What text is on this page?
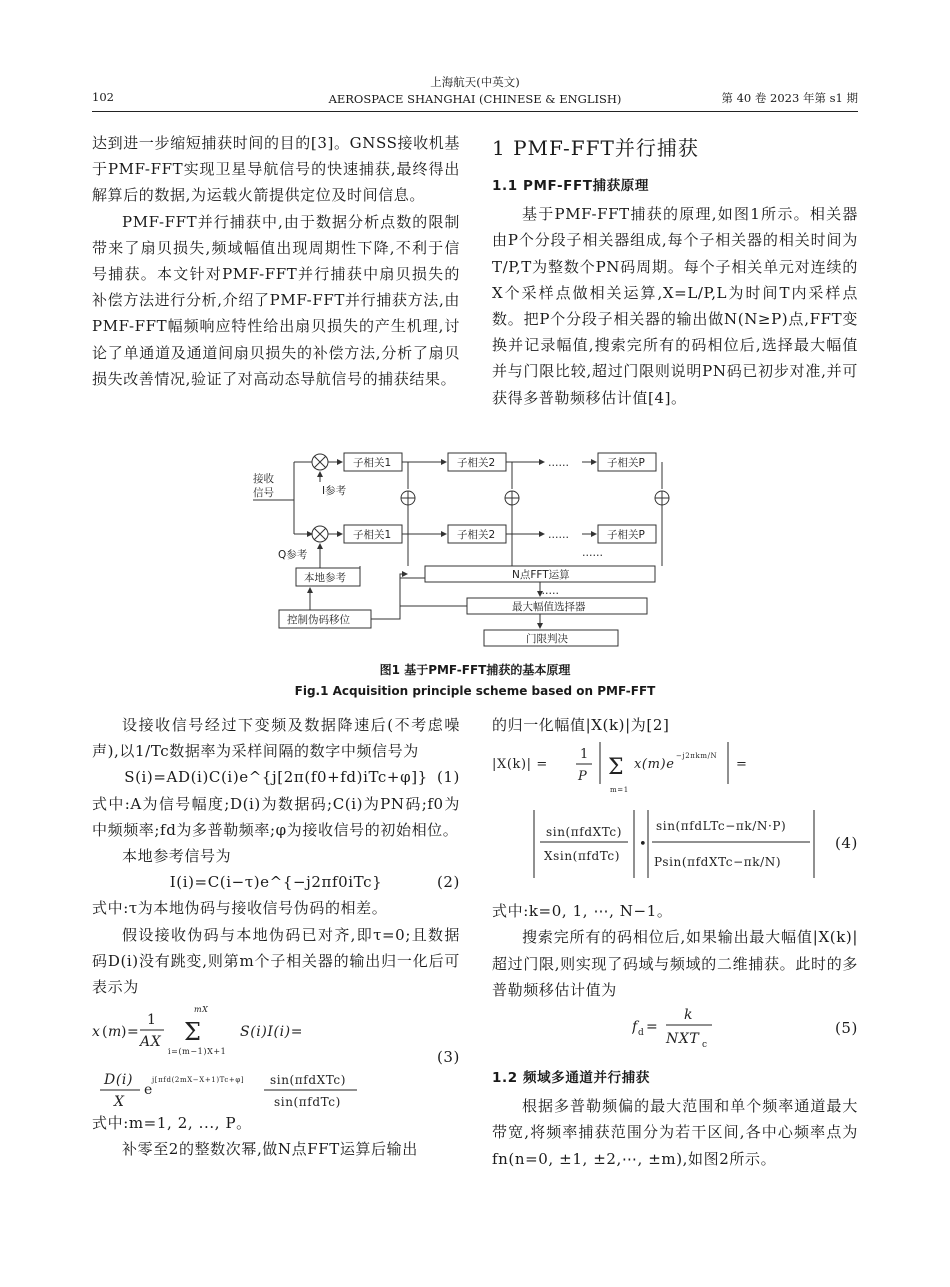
102
上海航天(中英文)
AEROSPACE SHANGHAI (CHINESE & ENGLISH)	第 40 卷 2023 年第 s1 期

达到进一步缩短捕获时间的目的[3]。GNSS接收机基于PMF-FFT实现卫星导航信号的快速捕获,最终得出解算后的数据,为运载火箭提供定位及时间信息。

PMF-FFT并行捕获中,由于数据分析点数的限制带来了扇贝损失,频域幅值出现周期性下降,不利于信号捕获。本文针对PMF-FFT并行捕获中扇贝损失的补偿方法进行分析,介绍了PMF-FFT并行捕获方法,由PMF-FFT幅频响应特性给出扇贝损失的产生机理,讨论了单通道及通道间扇贝损失的补偿方法,分析了扇贝损失改善情况,验证了对高动态导航信号的捕获结果。

1 PMF-FFT并行捕获

1.1 PMF-FFT捕获原理

基于PMF-FFT捕获的原理,如图1所示。相关器由P个分段子相关器组成,每个子相关器的相关时间为T/P,T为整数个PN码周期。每个子相关单元对连续的X个采样点做相关运算,X=L/P,L为时间T内采样点数。把P个分段子相关器的输出做N(N≥P)点,FFT变换并记录幅值,搜索完所有的码相位后,选择最大幅值并与门限比较,超过门限则说明PN码已初步对准,并可获得多普勒频移估计值[4]。

接收
信号	I参考
Q参考
子相关1	子相关2	……	子相关P
子相关1	子相关2	……	子相关P
……
本地参考	N点FFT运算
……
最大幅值选择器
门限判决
控制伪码移位
图1 基于PMF-FFT捕获的基本原理
Fig.1 Acquisition principle scheme based on PMF-FFT

设接收信号经过下变频及数据降速后(不考虑噪声),以1/Tc数据率为采样间隔的数字中频信号为

S(i)=AD(i)C(i)e^{j[2π(f0+fd)iTc+φ]} (1)

式中:A为信号幅度;D(i)为数据码;C(i)为PN码;f0为中频频率;fd为多普勒频率;φ为接收信号的初始相位。

本地参考信号为

I(i)=C(i−τ)e^{−j2πf0iTc}	(2)

式中:τ为本地伪码与接收信号伪码的相差。

假设接收伪码与本地伪码已对齐,即τ=0;且数据码D(i)没有跳变,则第m个子相关器的输出归一化后可表示为

x ( m )=
1
AX Σ
mX
i=(m−1)X+1
S(i)I(i)=
D(i)
X
e
j[πfd(2mX−X+1)Tc+φ] sin(πfdXTc)
sin(πfdTc)
(3)

式中:m=1, 2, ..., P。

补零至2的整数次幂,做N点FFT运算后输出

的归一化幅值|X(k)|为[2]

|X(k)| =
1
P Σ
m=1
x(m)e
−j2πkm/N
=
sin(πfdXTc)
Xsin(πfdTc)
•
sin(πfdLTc−πk/N·P)
Psin(πfdXTc−πk/N)
(4)

式中:k=0, 1, ⋯, N−1。

搜索完所有的码相位后,如果输出最大幅值|X(k)|超过门限,则实现了码域与频域的二维捕获。此时的多普勒频移估计值为

f d =
k
NXT c
(5)

1.2 频域多通道并行捕获

根据多普勒频偏的最大范围和单个频率通道最大带宽,将频率捕获范围分为若干区间,各中心频率点为fn(n=0, ±1, ±2,⋯, ±m),如图2所示。
